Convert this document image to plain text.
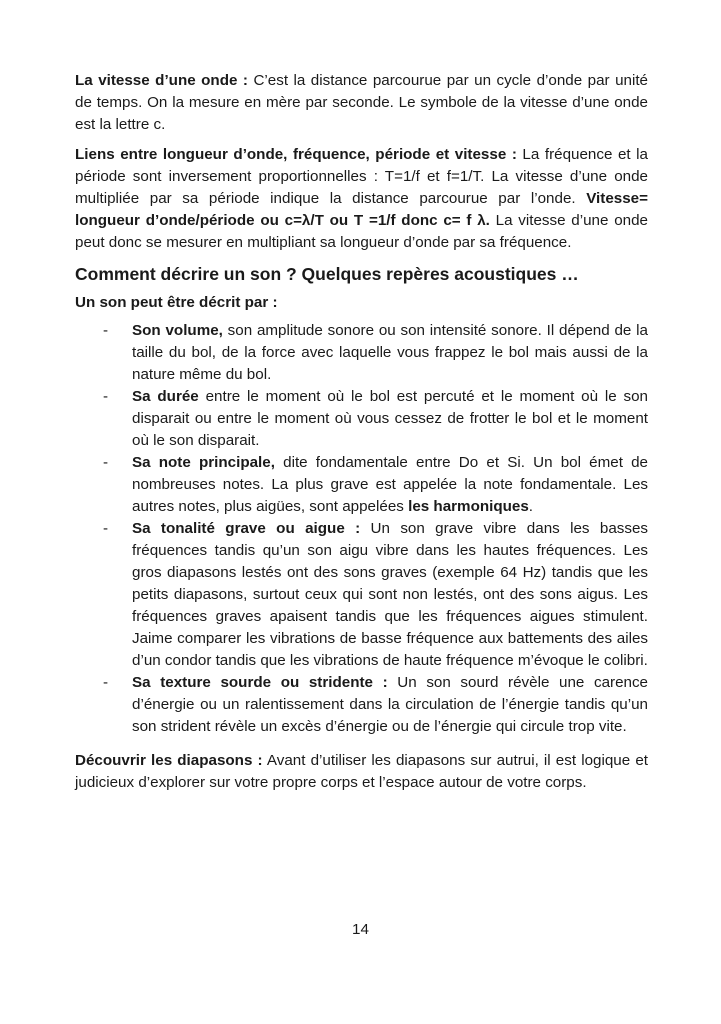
La vitesse d’une onde : C’est la distance parcourue par un cycle d’onde par unité de temps. On la mesure en mère par seconde. Le symbole de la vitesse d’une onde est la lettre c.

Liens entre longueur d’onde, fréquence, période et vitesse : La fréquence et la période sont inversement proportionnelles : T=1/f et f=1/T. La vitesse d’une onde multipliée par sa période indique la distance parcourue par l’onde. Vitesse= longueur d’onde/période ou c=λ/T ou T =1/f donc c= f λ. La vitesse d’une onde peut donc se mesurer en multipliant sa longueur d’onde par sa fréquence.

Comment décrire un son ? Quelques repères acoustiques …
Un son peut être décrit par :
- Son volume, son amplitude sonore ou son intensité sonore. Il dépend de la taille du bol, de la force avec laquelle vous frappez le bol mais aussi de la nature même du bol.
- Sa durée entre le moment où le bol est percuté et le moment où le son disparait ou entre le moment où vous cessez de frotter le bol et le moment où le son disparait.
- Sa note principale, dite fondamentale entre Do et Si. Un bol émet de nombreuses notes. La plus grave est appelée la note fondamentale. Les autres notes, plus aigües, sont appelées les harmoniques.
- Sa tonalité grave ou aigue : Un son grave vibre dans les basses fréquences tandis qu’un son aigu vibre dans les hautes fréquences. Les gros diapasons lestés ont des sons graves (exemple 64 Hz) tandis que les petits diapasons, surtout ceux qui sont non lestés, ont des sons aigus. Les fréquences graves apaisent tandis que les fréquences aigues stimulent. Jaime comparer les vibrations de basse fréquence aux battements des ailes d’un condor tandis que les vibrations de haute fréquence m’évoque le colibri.
- Sa texture sourde ou stridente : Un son sourd révèle une carence d’énergie ou un ralentissement dans la circulation de l’énergie tandis qu’un son strident révèle un excès d’énergie ou de l’énergie qui circule trop vite.

Découvrir les diapasons : Avant d’utiliser les diapasons sur autrui, il est logique et judicieux d’explorer sur votre propre corps et l’espace autour de votre corps.

14
